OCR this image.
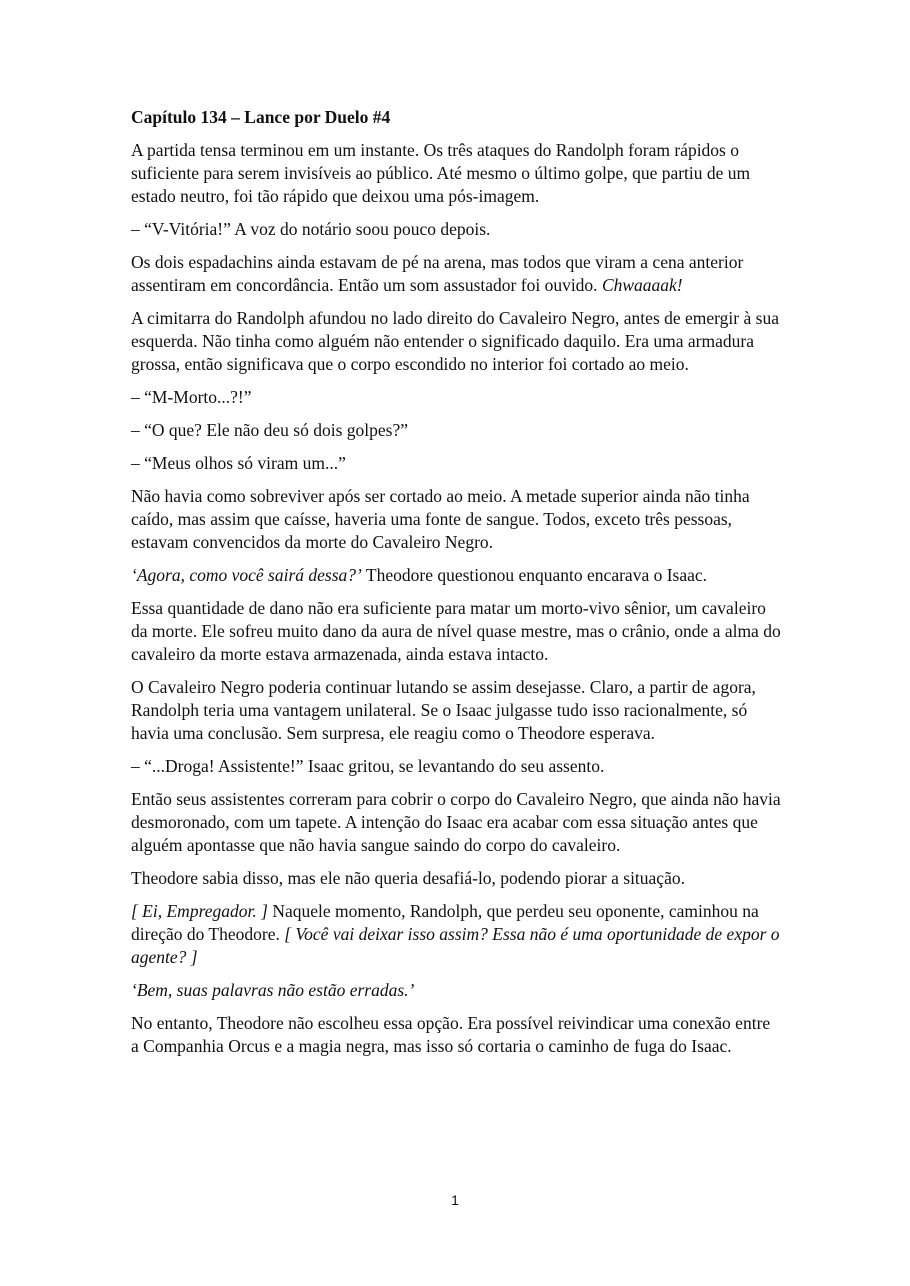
Capítulo 134 – Lance por Duelo #4
A partida tensa terminou em um instante. Os três ataques do Randolph foram rápidos o suficiente para serem invisíveis ao público. Até mesmo o último golpe, que partiu de um estado neutro, foi tão rápido que deixou uma pós-imagem.
– “V-Vitória!” A voz do notário soou pouco depois.
Os dois espadachins ainda estavam de pé na arena, mas todos que viram a cena anterior assentiram em concordância. Então um som assustador foi ouvido. Chwaaaak!
A cimitarra do Randolph afundou no lado direito do Cavaleiro Negro, antes de emergir à sua esquerda. Não tinha como alguém não entender o significado daquilo. Era uma armadura grossa, então significava que o corpo escondido no interior foi cortado ao meio.
– “M-Morto...?!”
– “O que? Ele não deu só dois golpes?”
– “Meus olhos só viram um...”
Não havia como sobreviver após ser cortado ao meio. A metade superior ainda não tinha caído, mas assim que caísse, haveria uma fonte de sangue. Todos, exceto três pessoas, estavam convencidos da morte do Cavaleiro Negro.
‘Agora, como você sairá dessa?’ Theodore questionou enquanto encarava o Isaac.
Essa quantidade de dano não era suficiente para matar um morto-vivo sênior, um cavaleiro da morte. Ele sofreu muito dano da aura de nível quase mestre, mas o crânio, onde a alma do cavaleiro da morte estava armazenada, ainda estava intacto.
O Cavaleiro Negro poderia continuar lutando se assim desejasse. Claro, a partir de agora, Randolph teria uma vantagem unilateral. Se o Isaac julgasse tudo isso racionalmente, só havia uma conclusão. Sem surpresa, ele reagiu como o Theodore esperava.
– “...Droga! Assistente!” Isaac gritou, se levantando do seu assento.
Então seus assistentes correram para cobrir o corpo do Cavaleiro Negro, que ainda não havia desmoronado, com um tapete. A intenção do Isaac era acabar com essa situação antes que alguém apontasse que não havia sangue saindo do corpo do cavaleiro.
Theodore sabia disso, mas ele não queria desafiá-lo, podendo piorar a situação.
[ Ei, Empregador. ] Naquele momento, Randolph, que perdeu seu oponente, caminhou na direção do Theodore. [ Você vai deixar isso assim? Essa não é uma oportunidade de expor o agente? ]
‘Bem, suas palavras não estão erradas.’
No entanto, Theodore não escolheu essa opção. Era possível reivindicar uma conexão entre a Companhia Orcus e a magia negra, mas isso só cortaria o caminho de fuga do Isaac.
1
